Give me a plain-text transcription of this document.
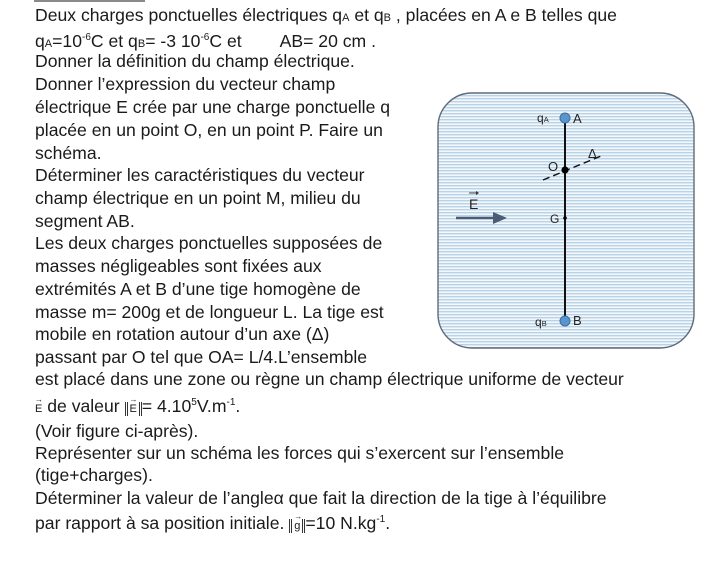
Deux charges ponctuelles électriques qA et qB , placées en A e B telles que
$qA=10^{-6}C$ et qB= -3 $10^{-6}C$ et AB= 20 cm .
Donner la définition du champ électrique.
Donner l’expression du vecteur champ
électrique E crée par une charge ponctuelle q
placée en un point O, en un point P. Faire un
schéma.
Déterminer les caractéristiques du vecteur
champ électrique en un point M, milieu du
segment AB.
Les deux charges ponctuelles supposées de
masses négligeables sont fixées aux
extrémités A et B d’une tige homogène de
masse m= 200g et de longueur L. La tige est
mobile en rotation autour d’un axe (Δ)
passant par O tel que OA= L/4.L’ensemble
est placé dans une zone ou règne un champ électrique uniforme de vecteur
→ E de valeur → $E = 4.10^5V.m^{-1}$.
(Voir figure ci-après).
Représenter sur un schéma les forces qui s’exercent sur l’ensemble
(tige+charges).
Déterminer la valeur de l’angleα que fait la direction de la tige à l’équilibre
par rapport à sa position initiale. → g =10 $N.kg^{-1}$.
qA A
O
Δ
E
G
qB B
